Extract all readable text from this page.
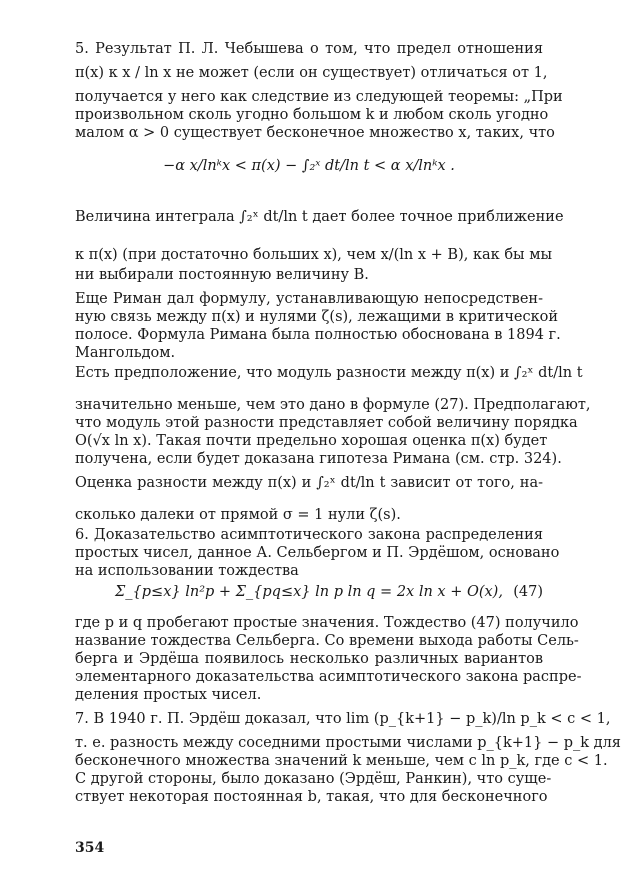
5. Результат П. Л. Чебышева о том, что предел отношения
π(x) к x / ln x не может (если он существует) отличаться от 1,
получается у него как следствие из следующей теоремы: „При
произвольном сколь угодно большом k и любом сколь угодно
малом α > 0 существует бесконечное множество x, таких, что
−α x/lnᵏx < π(x) − ∫₂ˣ dt/ln t < α x/lnᵏx .
Величина интеграла ∫₂ˣ dt/ln t дает более точное приближение
к π(x) (при достаточно больших x), чем x/(ln x + B), как бы мы
ни выбирали постоянную величину B.
Еще Риман дал формулу, устанавливающую непосредствен-
ную связь между π(x) и нулями ζ(s), лежащими в критической
полосе. Формула Римана была полностью обоснована в 1894 г.
Мангольдом.
Есть предположение, что модуль разности между π(x) и ∫₂ˣ dt/ln t
значительно меньше, чем это дано в формуле (27). Предполагают,
что модуль этой разности представляет собой величину порядка
O(√x ln x). Такая почти предельно хорошая оценка π(x) будет
получена, если будет доказана гипотеза Римана (см. стр. 324).
Оценка разности между π(x) и ∫₂ˣ dt/ln t зависит от того, на-
сколько далеки от прямой σ = 1 нули ζ(s).
6. Доказательство асимптотического закона распределения
простых чисел, данное А. Сельбергом и П. Эрдёшом, основано
на использовании тождества
Σ_{p≤x} ln²p + Σ_{pq≤x} ln p ln q = 2x ln x + O(x), (47)
где p и q пробегают простые значения. Тождество (47) получило
название тождества Сельберга. Со времени выхода работы Сель-
берга и Эрдёша появилось несколько различных вариантов
элементарного доказательства асимптотического закона распре-
деления простых чисел.
7. В 1940 г. П. Эрдёш доказал, что lim (p_{k+1} − p_k)/ln p_k < c < 1,
т. е. разность между соседними простыми числами p_{k+1} − p_k для
бесконечного множества значений k меньше, чем c ln p_k, где c < 1.
С другой стороны, было доказано (Эрдёш, Ранкин), что суще-
ствует некоторая постоянная b, такая, что для бесконечного
354
